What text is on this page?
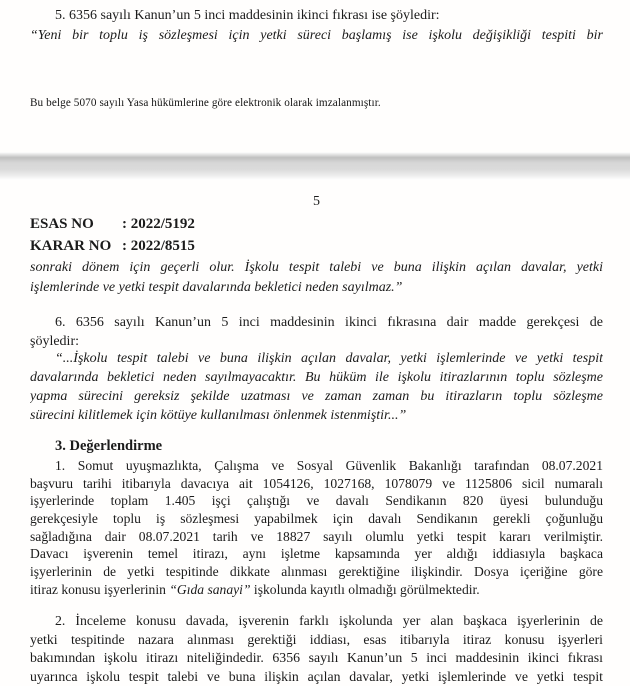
5. 6356 sayılı Kanun’un 5 inci maddesinin ikinci fıkrası ise şöyledir:
“Yeni bir toplu iş sözleşmesi için yetki süreci başlamış ise işkolu değişikliği tespiti bir
Bu belge 5070 sayılı Yasa hükümlerine göre elektronik olarak imzalanmıştır.
5
ESAS NO	: 2022/5192
KARAR NO : 2022/8515
sonraki dönem için geçerli olur. İşkolu tespit talebi ve buna ilişkin açılan davalar, yetki
işlemlerinde ve yetki tespit davalarında bekletici neden sayılmaz.”
6. 6356 sayılı Kanun’un 5 inci maddesinin ikinci fıkrasına dair madde gerekçesi de
şöyledir:
“...İşkolu tespit talebi ve buna ilişkin açılan davalar, yetki işlemlerinde ve yetki tespit
davalarında bekletici neden sayılmayacaktır. Bu hüküm ile işkolu itirazlarının toplu sözleşme
yapma sürecini gereksiz şekilde uzatması ve zaman zaman bu itirazların toplu sözleşme
sürecini kilitlemek için kötüye kullanılması önlenmek istenmiştir...”
3. Değerlendirme
1. Somut uyuşmazlıkta, Çalışma ve Sosyal Güvenlik Bakanlığı tarafından 08.07.2021
başvuru tarihi itibarıyla davacıya ait 1054126, 1027168, 1078079 ve 1125806 sicil numaralı
işyerlerinde toplam 1.405 işçi çalıştığı ve davalı Sendikanın 820 üyesi bulunduğu
gerekçesiyle toplu iş sözleşmesi yapabilmek için davalı Sendikanın gerekli çoğunluğu
sağladığına dair 08.07.2021 tarih ve 18827 sayılı olumlu yetki tespit kararı verilmiştir.
Davacı işverenin temel itirazı, aynı işletme kapsamında yer aldığı iddiasıyla başkaca
işyerlerinin de yetki tespitinde dikkate alınması gerektiğine ilişkindir. Dosya içeriğine göre
itiraz konusu işyerlerinin “Gıda sanayi” işkolunda kayıtlı olmadığı görülmektedir.
2. İnceleme konusu davada, işverenin farklı işkolunda yer alan başkaca işyerlerinin de
yetki tespitinde nazara alınması gerektiği iddiası, esas itibarıyla itiraz konusu işyerleri
bakımından işkolu itirazı niteliğindedir. 6356 sayılı Kanun’un 5 inci maddesinin ikinci fıkrası
uyarınca işkolu tespit talebi ve buna ilişkin açılan davalar, yetki işlemlerinde ve yetki tespit
